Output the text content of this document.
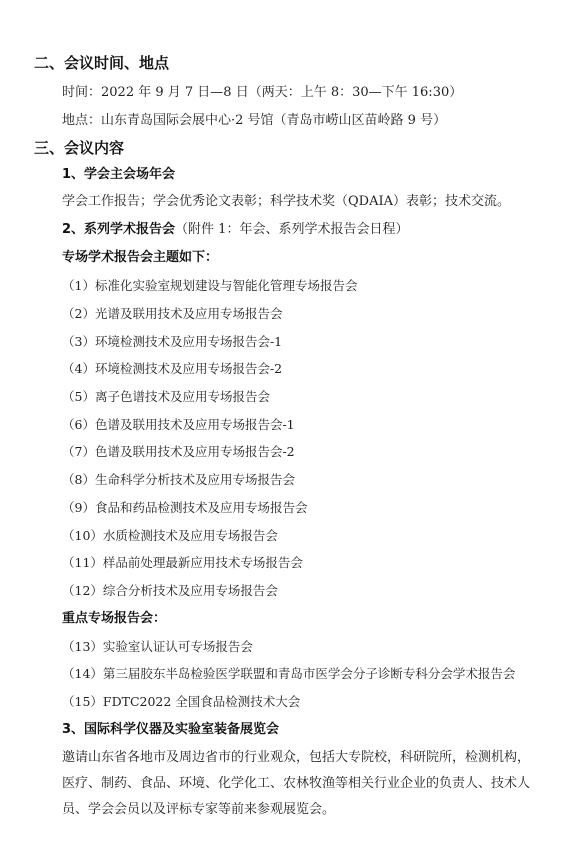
二、会议时间、地点
时间：2022 年 9 月 7 日—8 日（两天：上午 8：30—下午 16:30）
地点：山东青岛国际会展中心·2 号馆（青岛市崂山区苗岭路 9 号）
三、会议内容
1、学会主会场年会
学会工作报告；学会优秀论文表彰；科学技术奖（QDAIA）表彰；技术交流。
2、系列学术报告会（附件 1：年会、系列学术报告会日程）
专场学术报告会主题如下：
（1）标准化实验室规划建设与智能化管理专场报告会
（2）光谱及联用技术及应用专场报告会
（3）环境检测技术及应用专场报告会-1
（4）环境检测技术及应用专场报告会-2
（5）离子色谱技术及应用专场报告会
（6）色谱及联用技术及应用专场报告会-1
（7）色谱及联用技术及应用专场报告会-2
（8）生命科学分析技术及应用专场报告会
（9）食品和药品检测技术及应用专场报告会
（10）水质检测技术及应用专场报告会
（11）样品前处理最新应用技术专场报告会
（12）综合分析技术及应用专场报告会
重点专场报告会：
（13）实验室认证认可专场报告会
（14）第三届胶东半岛检验医学联盟和青岛市医学会分子诊断专科分会学术报告会
（15）FDTC2022 全国食品检测技术大会
3、国际科学仪器及实验室装备展览会
邀请山东省各地市及周边省市的行业观众，包括大专院校，科研院所，检测机构，医疗、制药、食品、环境、化学化工、农林牧渔等相关行业企业的负责人、技术人员、学会会员以及评标专家等前来参观展览会。
